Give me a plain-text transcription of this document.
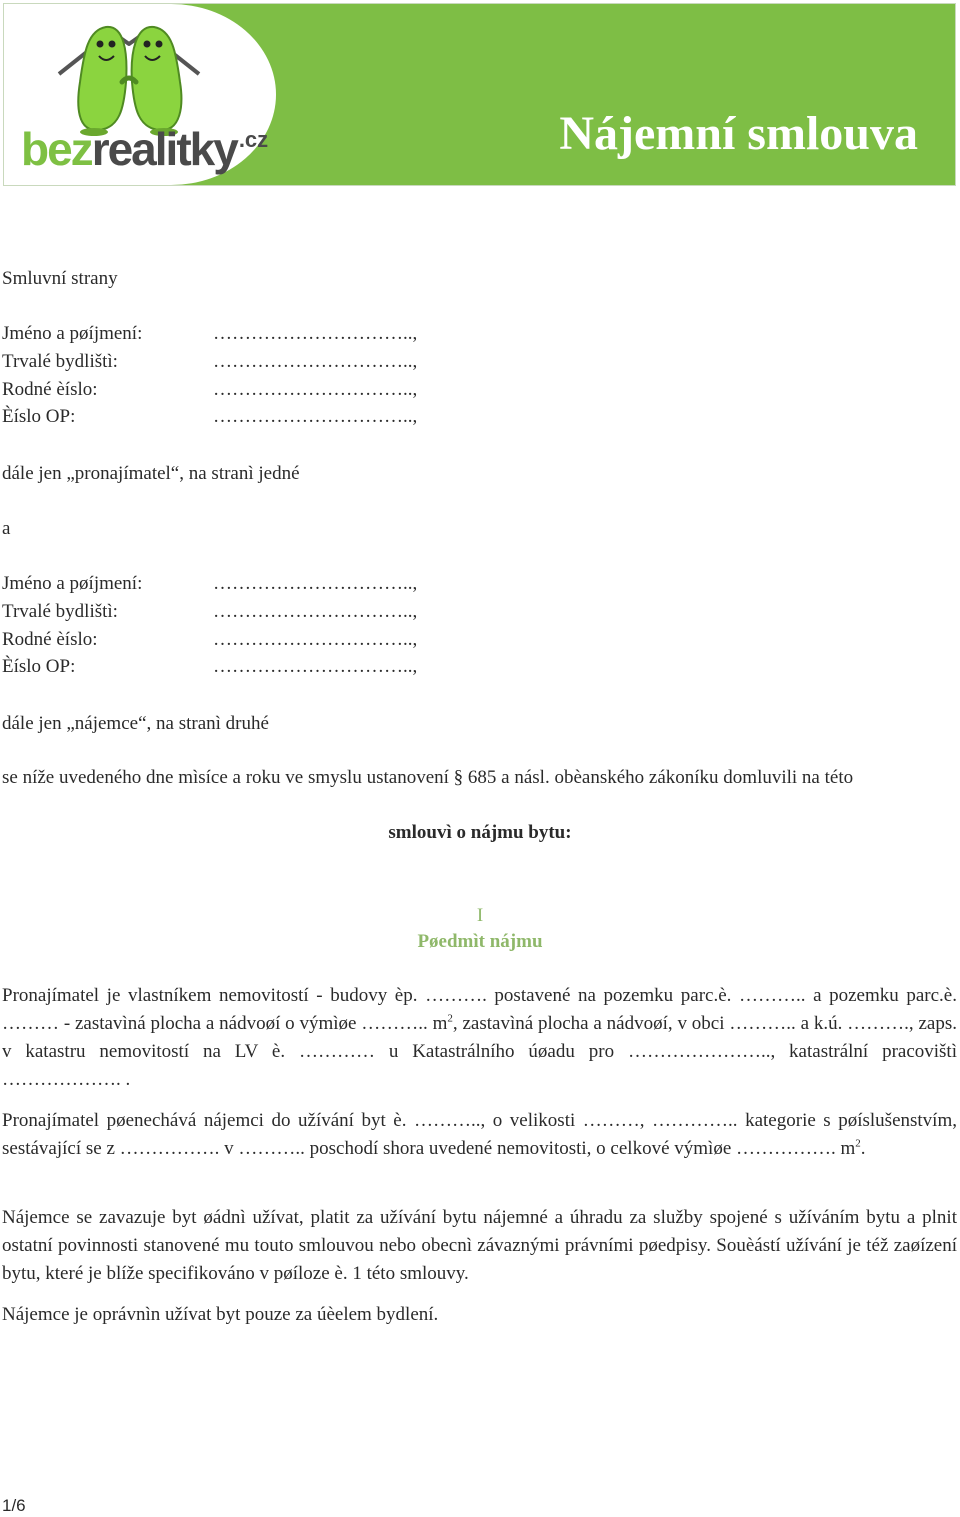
bezrealitky$^{.cz}$	Nájemní smlouva
Smluvní strany
Jméno a pøíjmení:	…………………………..,
Trvalé bydlištì:	…………………………..,
Rodné èíslo:	…………………………..,
Èíslo OP:	…………………………..,
dále jen „pronajímatel“, na stranì jedné
a
Jméno a pøíjmení:	…………………………..,
Trvalé bydlištì:	…………………………..,
Rodné èíslo:	…………………………..,
Èíslo OP:	…………………………..,
dále jen „nájemce“, na stranì druhé
se níže uvedeného dne mìsíce a roku ve smyslu ustanovení § 685 a násl. obèanského zákoníku domluvili na této
smlouvì o nájmu bytu:
I
Pøedmìt nájmu
Pronajímatel je vlastníkem nemovitostí - budovy èp. ………. postavené na pozemku parc.è. ……….. a pozemku parc.è. ……… - zastavìná plocha a nádvoøí o výmìøe ……….. $m^2$, zastavìná plocha a nádvoøí, v obci ……….. a k.ú. ………., zaps. v katastru nemovitostí na LV è. ………… u Katastrálního úøadu pro ………………….., katastrální pracovištì ………………. .
Pronajímatel pøenechává nájemci do užívání byt è. ……….., o velikosti ………, ………….. kategorie s pøíslušenstvím, sestávající se z ……………. v ……….. poschodí shora uvedené nemovitosti, o celkové výmìøe ……………. $m^2$.
Nájemce se zavazuje byt øádnì užívat, platit za užívání bytu nájemné a úhradu za služby spojené s užíváním bytu a plnit ostatní povinnosti stanovené mu touto smlouvou nebo obecnì závaznými právními pøedpisy. Souèástí užívání je též zaøízení bytu, které je blíže specifikováno v pøíloze è. 1 této smlouvy.
Nájemce je oprávnìn užívat byt pouze za úèelem bydlení.
1/6
